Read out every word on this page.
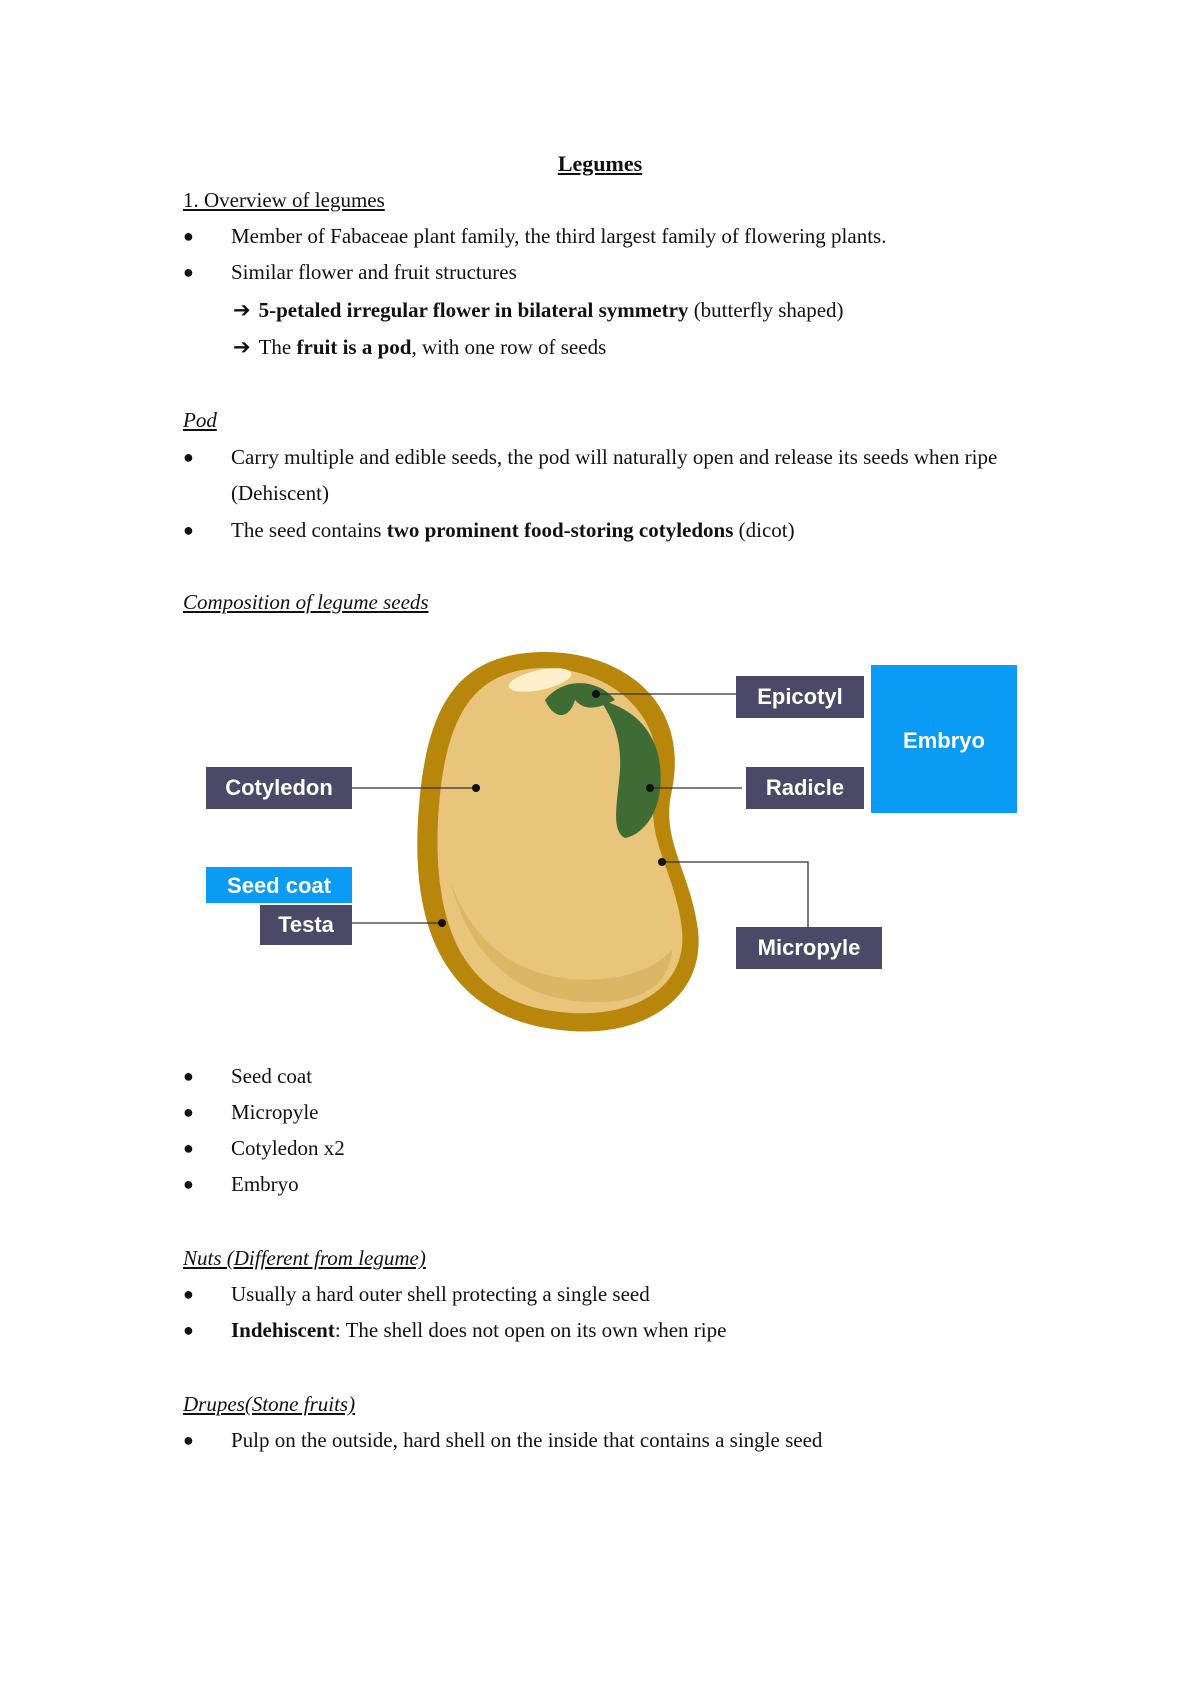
Legumes
1. Overview of legumes
● Member of Fabaceae plant family, the third largest family of flowering plants.
● Similar flower and fruit structures
➔ 5-petaled irregular flower in bilateral symmetry (butterfly shaped)
➔ The fruit is a pod, with one row of seeds
Pod
● Carry multiple and edible seeds, the pod will naturally open and release its seeds when ripe (Dehiscent)
● The seed contains two prominent food-storing cotyledons (dicot)
Composition of legume seeds
Epicotyl
Embryo
Radicle
Cotyledon
Seed coat
Testa
Micropyle
● Seed coat
● Micropyle
● Cotyledon x2
● Embryo
Nuts (Different from legume)
● Usually a hard outer shell protecting a single seed
● Indehiscent: The shell does not open on its own when ripe
Drupes(Stone fruits)
● Pulp on the outside, hard shell on the inside that contains a single seed
